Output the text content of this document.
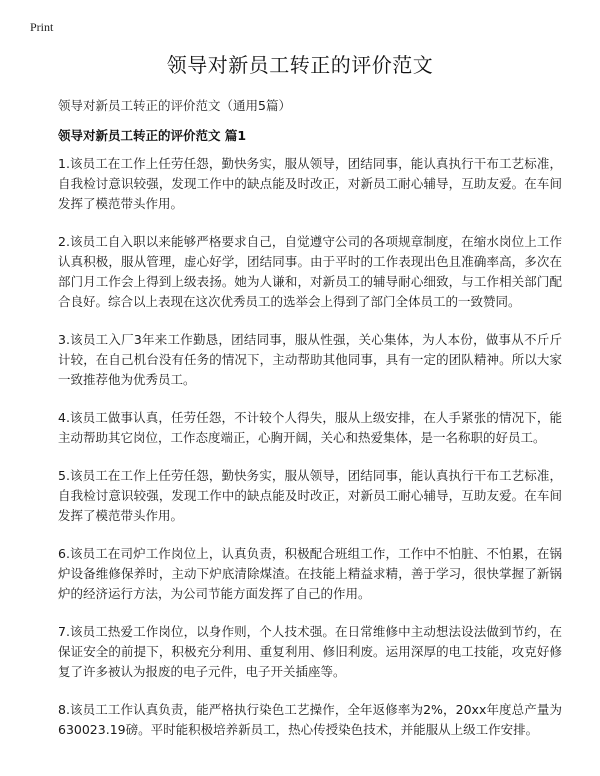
Print
领导对新员工转正的评价范文

领导对新员工转正的评价范文（通用5篇）

领导对新员工转正的评价范文 篇1

1.该员工在工作上任劳任怨，勤快务实，服从领导，团结同事，能认真执行干布工艺标准，自我检讨意识较强，发现工作中的缺点能及时改正，对新员工耐心辅导，互助友爱。在车间发挥了模范带头作用。

2.该员工自入职以来能够严格要求自己，自觉遵守公司的各项规章制度，在缩水岗位上工作认真积极，服从管理，虚心好学，团结同事。由于平时的工作表现出色且准确率高，多次在部门月工作会上得到上级表扬。她为人谦和，对新员工的辅导耐心细致，与工作相关部门配合良好。综合以上表现在这次优秀员工的选举会上得到了部门全体员工的一致赞同。

3.该员工入厂3年来工作勤恳，团结同事，服从性强，关心集体，为人本份，做事从不斤斤计较，在自己机台没有任务的情况下，主动帮助其他同事，具有一定的团队精神。所以大家一致推荐他为优秀员工。

4.该员工做事认真，任劳任怨，不计较个人得失，服从上级安排，在人手紧张的情况下，能主动帮助其它岗位，工作态度端正，心胸开阔，关心和热爱集体，是一名称职的好员工。

5.该员工在工作上任劳任怨，勤快务实，服从领导，团结同事，能认真执行干布工艺标准，自我检讨意识较强，发现工作中的缺点能及时改正，对新员工耐心辅导，互助友爱。在车间发挥了模范带头作用。

6.该员工在司炉工作岗位上，认真负责，积极配合班组工作，工作中不怕脏、不怕累，在锅炉设备维修保养时，主动下炉底清除煤渣。在技能上精益求精，善于学习，很快掌握了新锅炉的经济运行方法，为公司节能方面发挥了自己的作用。

7.该员工热爱工作岗位，以身作则，个人技术强。在日常维修中主动想法设法做到节约，在保证安全的前提下，积极充分利用、重复利用、修旧利废。运用深厚的电工技能，攻克好修复了许多被认为报废的电子元件，电子开关插座等。

8.该员工工作认真负责，能严格执行染色工艺操作，全年返修率为2%，20xx年度总产量为630023.19磅。平时能积极培养新员工，热心传授染色技术，并能服从上级工作安排。
